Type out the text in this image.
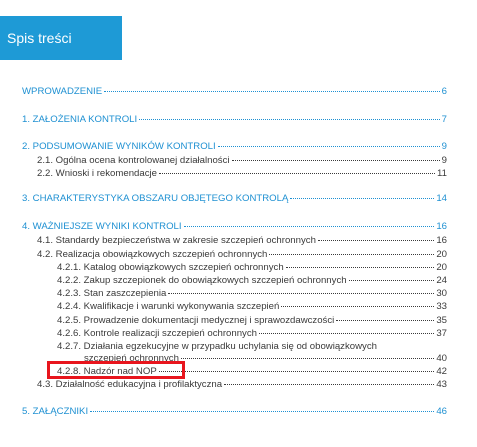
Spis treści
WPROWADZENIE	6
1. ZAŁOŻENIA KONTROLI	7
2. PODSUMOWANIE WYNIKÓW KONTROLI	9
2.1. Ogólna ocena kontrolowanej działalności	9
2.2. Wnioski i rekomendacje	11
3. CHARAKTERYSTYKA OBSZARU OBJĘTEGO KONTROLĄ	14
4. WAŻNIEJSZE WYNIKI KONTROLI	16
4.1. Standardy bezpieczeństwa w zakresie szczepień ochronnych	16
4.2. Realizacja obowiązkowych szczepień ochronnych	20
4.2.1. Katalog obowiązkowych szczepień ochronnych	20
4.2.2. Zakup szczepionek do obowiązkowych szczepień ochronnych	24
4.2.3. Stan zaszczepienia	30
4.2.4. Kwalifikacje i warunki wykonywania szczepień	33
4.2.5. Prowadzenie dokumentacji medycznej i sprawozdawczości	35
4.2.6. Kontrole realizacji szczepień ochronnych	37
4.2.7. Działania egzekucyjne w przypadku uchylania się od obowiązkowych
szczepień ochronnych	40
4.2.8. Nadzór nad NOP	42
4.3. Działalność edukacyjna i profilaktyczna	43
5. ZAŁĄCZNIKI	46
